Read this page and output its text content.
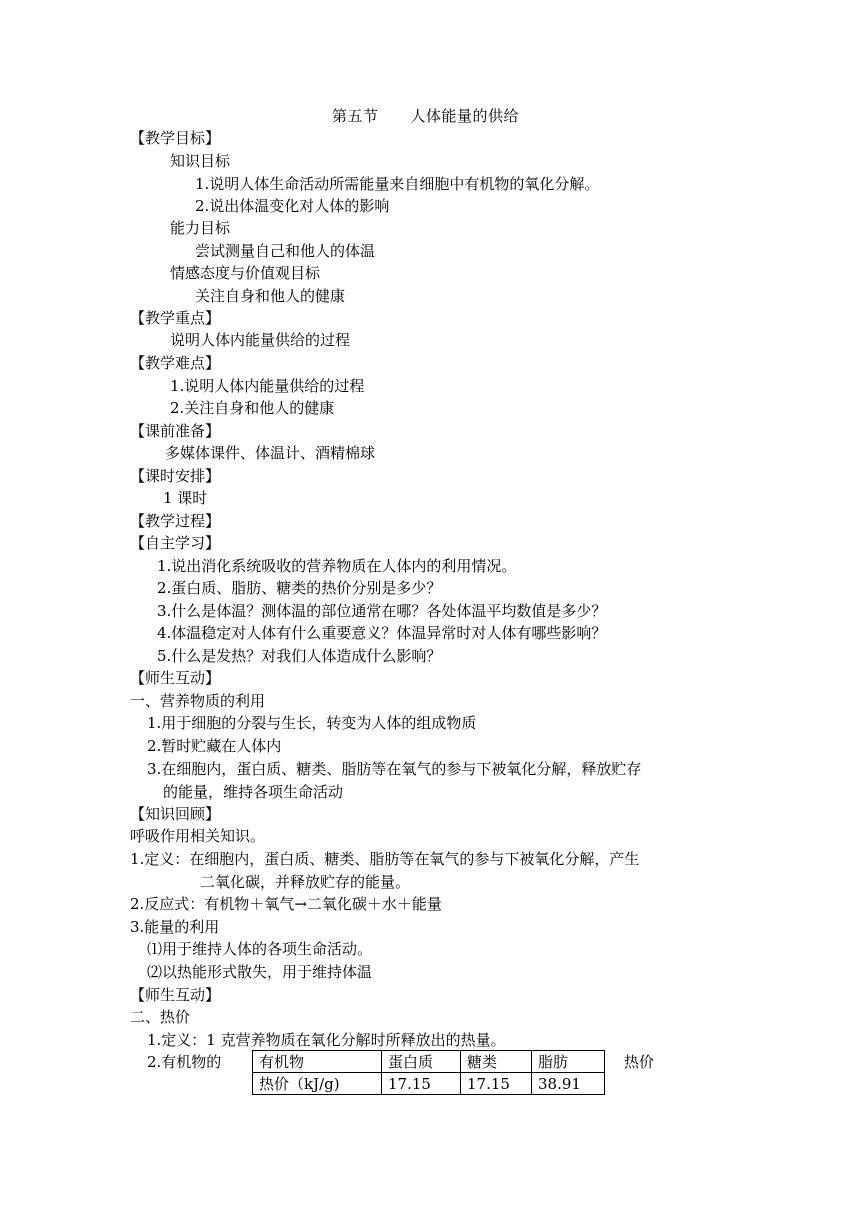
第五节 人体能量的供给
【教学目标】
知识目标
1.说明人体生命活动所需能量来自细胞中有机物的氧化分解。
2.说出体温变化对人体的影响
能力目标
尝试测量自己和他人的体温
情感态度与价值观目标
关注自身和他人的健康
【教学重点】
说明人体内能量供给的过程
【教学难点】
1.说明人体内能量供给的过程
2.关注自身和他人的健康
【课前准备】
多媒体课件、体温计、酒精棉球
【课时安排】
1 课时
【教学过程】
【自主学习】
1.说出消化系统吸收的营养物质在人体内的利用情况。
2.蛋白质、脂肪、糖类的热价分别是多少？
3.什么是体温？测体温的部位通常在哪？各处体温平均数值是多少？
4.体温稳定对人体有什么重要意义？体温异常时对人体有哪些影响？
5.什么是发热？对我们人体造成什么影响？
【师生互动】
一、营养物质的利用
1.用于细胞的分裂与生长，转变为人体的组成物质
2.暂时贮藏在人体内
3.在细胞内，蛋白质、糖类、脂肪等在氧气的参与下被氧化分解，释放贮存
的能量，维持各项生命活动
【知识回顾】
呼吸作用相关知识。
1.定义：在细胞内，蛋白质、糖类、脂肪等在氧气的参与下被氧化分解，产生
二氧化碳，并释放贮存的能量。
2.反应式：有机物＋氧气→二氧化碳＋水＋能量
3.能量的利用
⑴用于维持人体的各项生命活动。
⑵以热能形式散失，用于维持体温
【师生互动】
二、热价
1.定义：1 克营养物质在氧化分解时所释放出的热量。
2.有机物的	热价
有机物	蛋白质	糖类	脂肪
热价（kJ/g)	17.15	17.15	38.91
